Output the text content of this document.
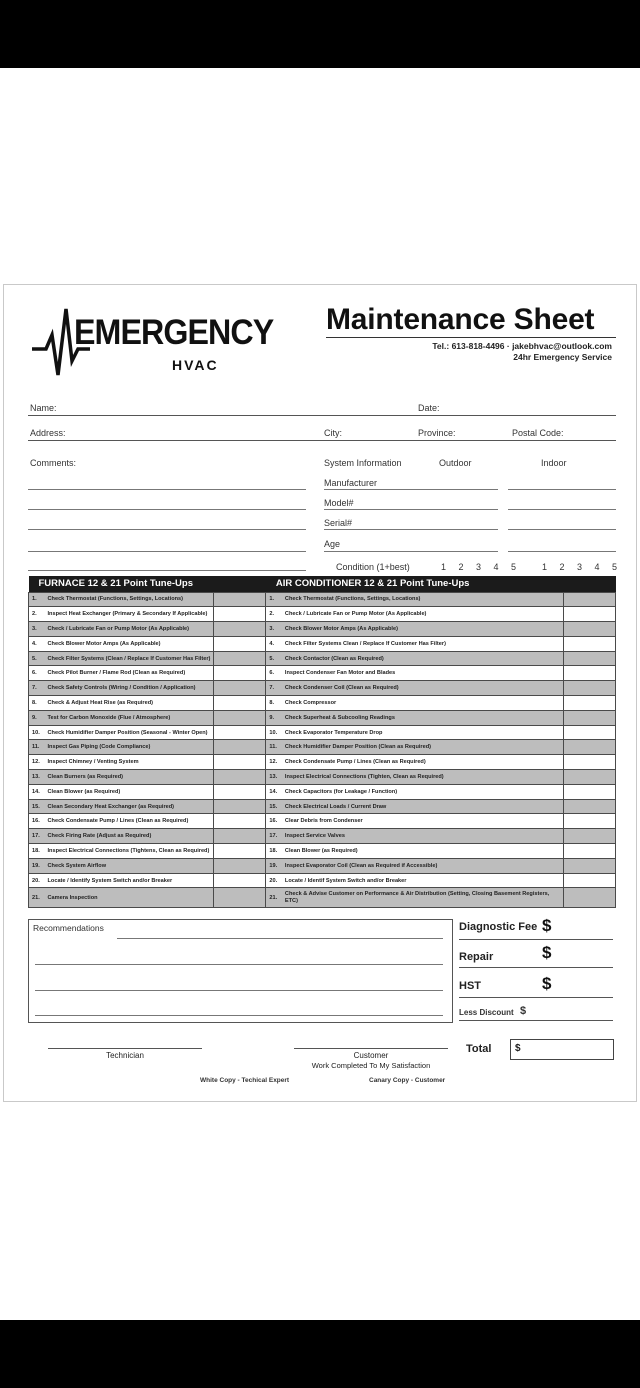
EMERGENCY
HVAC
Maintenance Sheet
Tel.: 613-818-4496 · jakebhvac@outlook.com
24hr Emergency Service
Name:	Date:
Address:	City:	Province:	Postal Code:
Comments:	System Information	Outdoor	Indoor
Manufacturer
Model#
Serial#
Age
Condition (1+best)	1 2 3 4 5 1 2 3 4 5
FURNACE 12 & 21 Point Tune-Ups			AIR CONDITIONER 12 & 21 Point Tune-Ups		
1.	Check Thermostat (Functions, Settings, Locations)		1.	Check Thermostat (Functions, Settings, Locations)	
2.	Inspect Heat Exchanger (Primary & Secondary If Applicable)		2.	Check / Lubricate Fan or Pump Motor (As Applicable)	
3.	Check / Lubricate Fan or Pump Motor (As Applicable)		3.	Check Blower Motor Amps (As Applicable)	
4.	Check Blower Motor Amps (As Applicable)		4.	Check Filter Systems Clean / Replace If Customer Has Filter)	
5.	Check Filter Systems (Clean / Replace If Customer Has Filter)		5.	Check Contactor (Clean as Required)	
6.	Check Pilot Burner / Flame Rod (Clean as Required)		6.	Inspect Condenser Fan Motor and Blades	
7.	Check Safety Controls (Wiring / Condition / Application)		7.	Check Condenser Coil (Clean as Required)	
8.	Check & Adjust Heat Rise (as Required)		8.	Check Compressor	
9.	Test for Carbon Monoxide (Flue / Atmosphere)		9.	Check Superheat & Subcooling Readings	
10.	Check Humidifier Damper Position (Seasonal - Winter Open)		10.	Check Evaporator Temperature Drop	
11.	Inspect Gas Piping (Code Compliance)		11.	Check Humidifier Damper Position (Clean as Required)	
12.	Inspect Chimney / Venting System		12.	Check Condensate Pump / Lines (Clean as Required)	
13.	Clean Burners (as Required)		13.	Inspect Electrical Connections (Tighten, Clean as Required)	
14.	Clean Blower (as Required)		14.	Check Capacitors (for Leakage / Function)	
15.	Clean Secondary Heat Exchanger (as Required)		15.	Check Electrical Loads / Current Draw	
16.	Check Condensate Pump / Lines (Clean as Required)		16.	Clear Debris from Condenser	
17.	Check Firing Rate (Adjust as Required)		17.	Inspect Service Valves	
18.	Inspect Electrical Connections (Tightens, Clean as Required)		18.	Clean Blower (as Required)	
19.	Check System Airflow		19.	Inspect Evaporator Coil (Clean as Required if Accessible)	
20.	Locate / Identify System Switch and/or Breaker		20.	Locate / Identif System Switch and/or Breaker	
21.	Camera Inspection		21.	Check & Advise Customer on Performance & Air Distribution (Setting, Closing Basement Registers, ETC)	
Recommendations	Diagnostic Fee $
Repair	$
HST	$
Less Discount $
Total	$
Technician	Customer
Work Completed To My Satisfaction
White Copy - Techical Expert	Canary Copy - Customer
